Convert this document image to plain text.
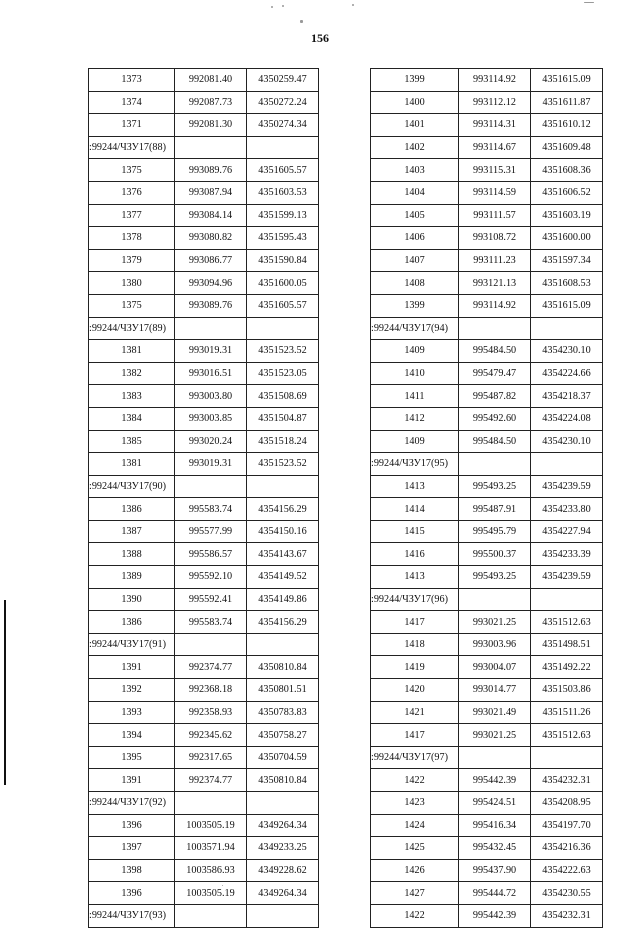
156
1373	992081.40	4350259.47
1374	992087.73	4350272.24
1371	992081.30	4350274.34
:99244/ЧЗУ17(88)		
1375	993089.76	4351605.57
1376	993087.94	4351603.53
1377	993084.14	4351599.13
1378	993080.82	4351595.43
1379	993086.77	4351590.84
1380	993094.96	4351600.05
1375	993089.76	4351605.57
:99244/ЧЗУ17(89)		
1381	993019.31	4351523.52
1382	993016.51	4351523.05
1383	993003.80	4351508.69
1384	993003.85	4351504.87
1385	993020.24	4351518.24
1381	993019.31	4351523.52
:99244/ЧЗУ17(90)		
1386	995583.74	4354156.29
1387	995577.99	4354150.16
1388	995586.57	4354143.67
1389	995592.10	4354149.52
1390	995592.41	4354149.86
1386	995583.74	4354156.29
:99244/ЧЗУ17(91)		
1391	992374.77	4350810.84
1392	992368.18	4350801.51
1393	992358.93	4350783.83
1394	992345.62	4350758.27
1395	992317.65	4350704.59
1391	992374.77	4350810.84
:99244/ЧЗУ17(92)		
1396	1003505.19	4349264.34
1397	1003571.94	4349233.25
1398	1003586.93	4349228.62
1396	1003505.19	4349264.34
:99244/ЧЗУ17(93)		
1399	993114.92	4351615.09
1400	993112.12	4351611.87
1401	993114.31	4351610.12
1402	993114.67	4351609.48
1403	993115.31	4351608.36
1404	993114.59	4351606.52
1405	993111.57	4351603.19
1406	993108.72	4351600.00
1407	993111.23	4351597.34
1408	993121.13	4351608.53
1399	993114.92	4351615.09
:99244/ЧЗУ17(94)		
1409	995484.50	4354230.10
1410	995479.47	4354224.66
1411	995487.82	4354218.37
1412	995492.60	4354224.08
1409	995484.50	4354230.10
:99244/ЧЗУ17(95)		
1413	995493.25	4354239.59
1414	995487.91	4354233.80
1415	995495.79	4354227.94
1416	995500.37	4354233.39
1413	995493.25	4354239.59
:99244/ЧЗУ17(96)		
1417	993021.25	4351512.63
1418	993003.96	4351498.51
1419	993004.07	4351492.22
1420	993014.77	4351503.86
1421	993021.49	4351511.26
1417	993021.25	4351512.63
:99244/ЧЗУ17(97)		
1422	995442.39	4354232.31
1423	995424.51	4354208.95
1424	995416.34	4354197.70
1425	995432.45	4354216.36
1426	995437.90	4354222.63
1427	995444.72	4354230.55
1422	995442.39	4354232.31
